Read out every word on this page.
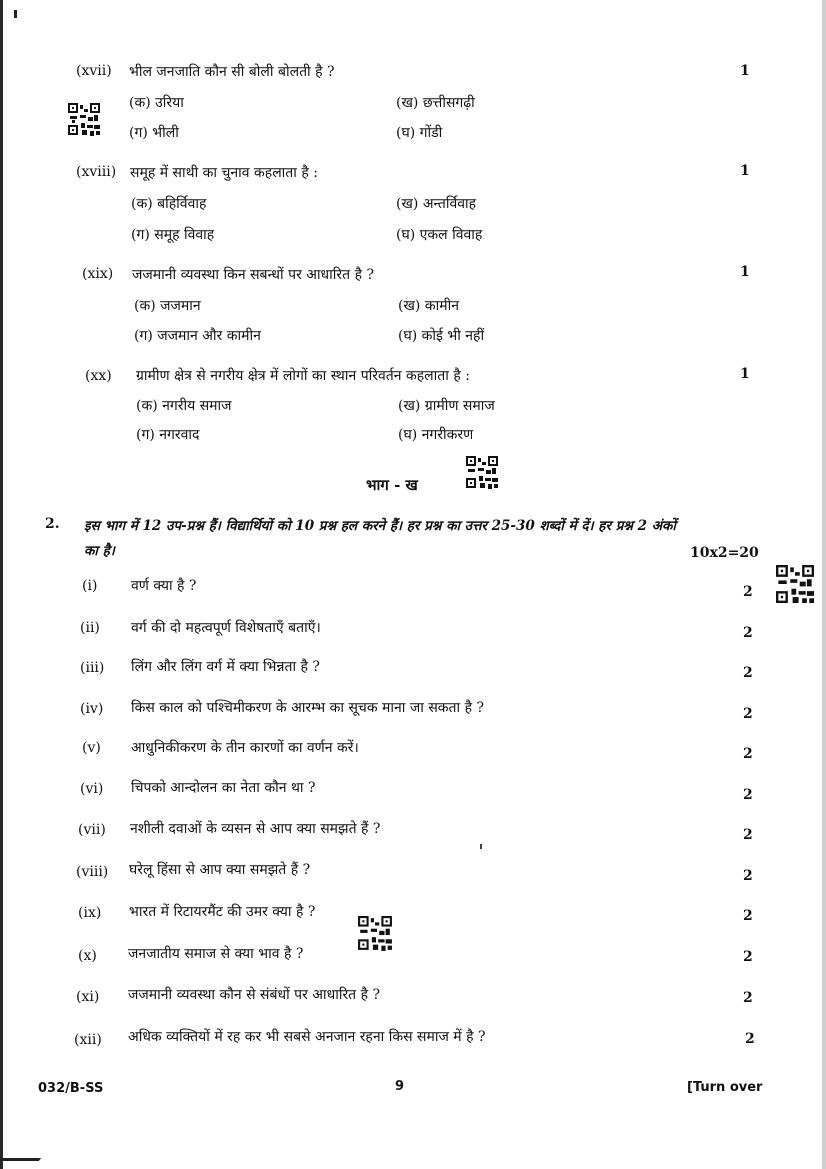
(xvii) भील जनजाति कौन सी बोली बोलती है ?	1
(क) उरिया	(ख) छत्तीसगढ़ी
(ग) भीली	(घ) गोंडी
(xviii) समूह में साथी का चुनाव कहलाता है :	1
(क) बहिर्विवाह	(ख) अन्तर्विवाह
(ग) समूह विवाह	(घ) एकल विवाह
(xix) जजमानी व्यवस्था किन सबन्धों पर आधारित है ?	1
(क) जजमान	(ख) कामीन
(ग) जजमान और कामीन	(घ) कोई भी नहीं
(xx) ग्रामीण क्षेत्र से नगरीय क्षेत्र में लोगों का स्थान परिवर्तन कहलाता है :	1
(क) नगरीय समाज	(ख) ग्रामीण समाज
(ग) नगरवाद	(घ) नगरीकरण
भाग - ख
2. इस भाग में 12 उप-प्रश्न हैं। विद्यार्थियों को 10 प्रश्न हल करने हैं। हर प्रश्न का उत्तर 25-30 शब्दों में दें। हर प्रश्न 2 अंकों
का है।	10x2=20
(i) वर्ण क्या है ?	2
(ii) वर्ग की दो महत्वपूर्ण विशेषताएँ बताएँ।	2
(iii) लिंग और लिंग वर्ग में क्या भिन्नता है ?	2
(iv) किस काल को पश्चिमीकरण के आरम्भ का सूचक माना जा सकता है ?	2
(v) आधुनिकीकरण के तीन कारणों का वर्णन करें।	2
(vi) चिपको आन्दोलन का नेता कौन था ?	2
(vii) नशीली दवाओं के व्यसन से आप क्या समझते हैं ?	2
(viii) घरेलू हिंसा से आप क्या समझते हैं ?	2
(ix) भारत में रिटायरमैंट की उमर क्या है ?	2
(x) जनजातीय समाज से क्या भाव है ?	2
(xi) जजमानी व्यवस्था कौन से संबंधों पर आधारित है ?	2
(xii) अधिक व्यक्तियों में रह कर भी सबसे अनजान रहना किस समाज में है ?	2
032/B-SS	9	[Turn over
